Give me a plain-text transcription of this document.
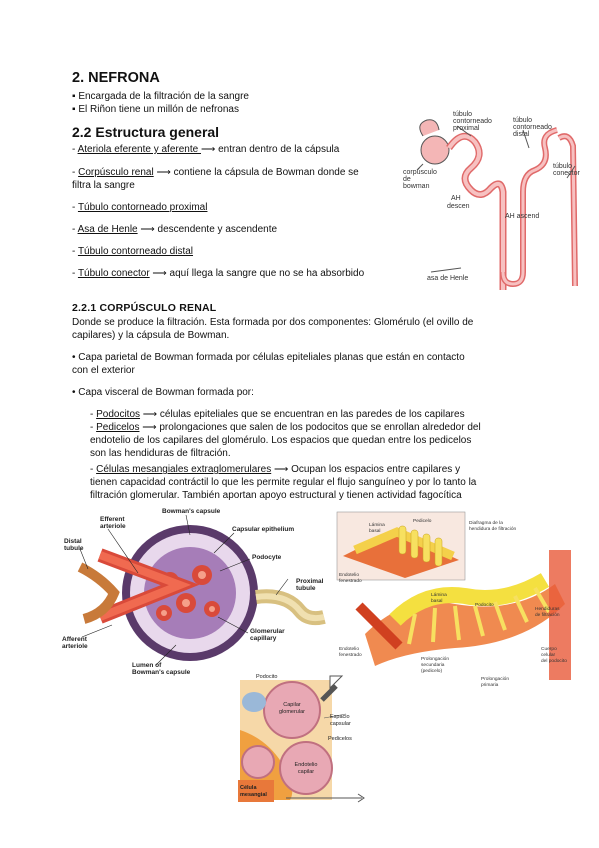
2. NEFRONA
▪ Encargada de la filtración de la sangre
▪ El Riñon tiene un millón de nefronas
2.2 Estructura general
- Ateriola eferente y aferente ⟶ entran dentro de la cápsula
- Corpúsculo renal ⟶ contiene la cápsula de Bowman donde se
filtra la sangre
- Túbulo contorneado proximal
- Asa de Henle ⟶ descendente y ascendente
- Túbulo contorneado distal
- Túbulo conector ⟶ aquí llega la sangre que no se ha absorbido
túbulo contorneado proximal
túbulo contorneado distal
túbulo conector
corpúsculo de bowman
AH descen
AH ascend
asa de Henle
2.2.1 CORPÚSCULO RENAL
Donde se produce la filtración. Esta formada por dos componentes: Glomérulo (el ovillo de
capilares) y la cápsula de Bowman.
• Capa parietal de Bowman formada por células epiteliales planas que están en contacto
con el exterior
• Capa visceral de Bowman formada por:
- Podocitos ⟶ células epiteliales que se encuentran en las paredes de los capilares
- Pedicelos ⟶ prolongaciones que salen de los podocitos que se enrollan alrededor del
endotelio de los capilares del glomérulo. Los espacios que quedan entre los pedicelos
son las hendiduras de filtración.
- Células mesangiales extraglomerulares ⟶ Ocupan los espacios entre capilares y
tienen capacidad contráctil lo que les permite regular el flujo sanguíneo y por lo tanto la
filtración glomerular. También aportan apoyo estructural y tienen actividad fagocítica
Bowman's capsule
Efferent arteriole	Capsular epithelium
Distal tubule
Podocyte
Proximal tubule
Afferent arteriole
Glomerular capillary
Lumen of Bowman's capsule
Pedicelo
Lámina basal
Diafragma de la hendidura de filtración
Endotelio fenestrado
Lámina basal
Podocito
Hendiduras de filtración
Endotelio fenestrado
Prolongación secundaria (pedicelo)
Prolongación primaria
Cuerpo celular del podocito
Podocito
Capilar glomerular
Espacio capsular
Pedicelos
Endotelio capilar
Célula mesangial
